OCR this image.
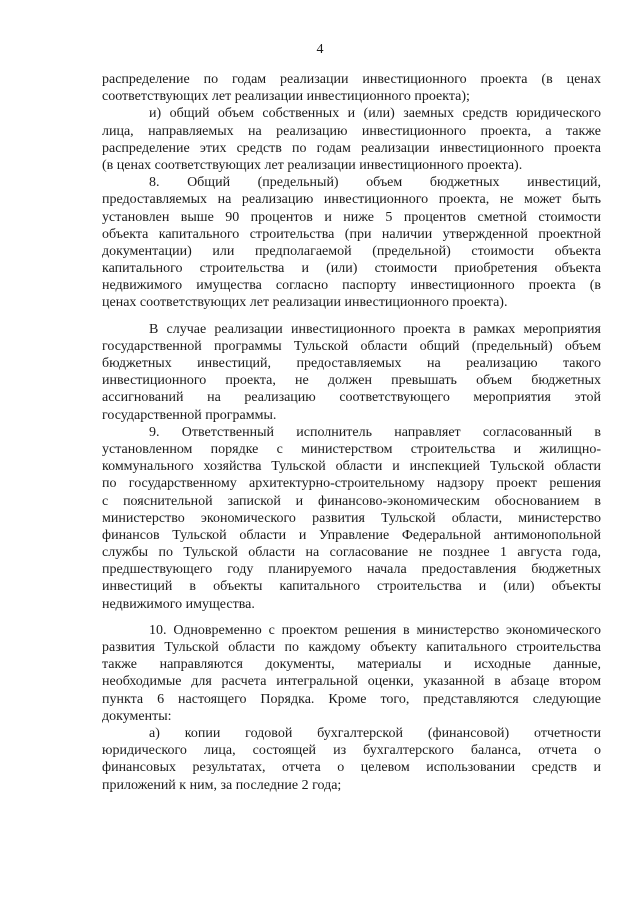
4
распределение по годам реализации инвестиционного проекта (в ценах
соответствующих лет реализации инвестиционного проекта);
и) общий объем собственных и (или) заемных средств юридического
лица, направляемых на реализацию инвестиционного проекта, а также
распределение этих средств по годам реализации инвестиционного проекта
(в ценах соответствующих лет реализации инвестиционного проекта).
8. Общий (предельный) объем бюджетных инвестиций,
предоставляемых на реализацию инвестиционного проекта, не может быть
установлен выше 90 процентов и ниже 5 процентов сметной стоимости
объекта капитального строительства (при наличии утвержденной проектной
документации) или предполагаемой (предельной) стоимости объекта
капитального строительства и (или) стоимости приобретения объекта
недвижимого имущества согласно паспорту инвестиционного проекта (в
ценах соответствующих лет реализации инвестиционного проекта).
В случае реализации инвестиционного проекта в рамках мероприятия
государственной программы Тульской области общий (предельный) объем
бюджетных инвестиций, предоставляемых на реализацию такого
инвестиционного проекта, не должен превышать объем бюджетных
ассигнований на реализацию соответствующего мероприятия этой
государственной программы.
9. Ответственный исполнитель направляет согласованный в
установленном порядке с министерством строительства и жилищно-
коммунального хозяйства Тульской области и инспекцией Тульской области
по государственному архитектурно-строительному надзору проект решения
с пояснительной запиской и финансово-экономическим обоснованием в
министерство экономического развития Тульской области, министерство
финансов Тульской области и Управление Федеральной антимонопольной
службы по Тульской области на согласование не позднее 1 августа года,
предшествующего году планируемого начала предоставления бюджетных
инвестиций в объекты капитального строительства и (или) объекты
недвижимого имущества.
10. Одновременно с проектом решения в министерство экономического
развития Тульской области по каждому объекту капитального строительства
также направляются документы, материалы и исходные данные,
необходимые для расчета интегральной оценки, указанной в абзаце втором
пункта 6 настоящего Порядка. Кроме того, представляются следующие
документы:
а) копии годовой бухгалтерской (финансовой) отчетности
юридического лица, состоящей из бухгалтерского баланса, отчета о
финансовых результатах, отчета о целевом использовании средств и
приложений к ним, за последние 2 года;
